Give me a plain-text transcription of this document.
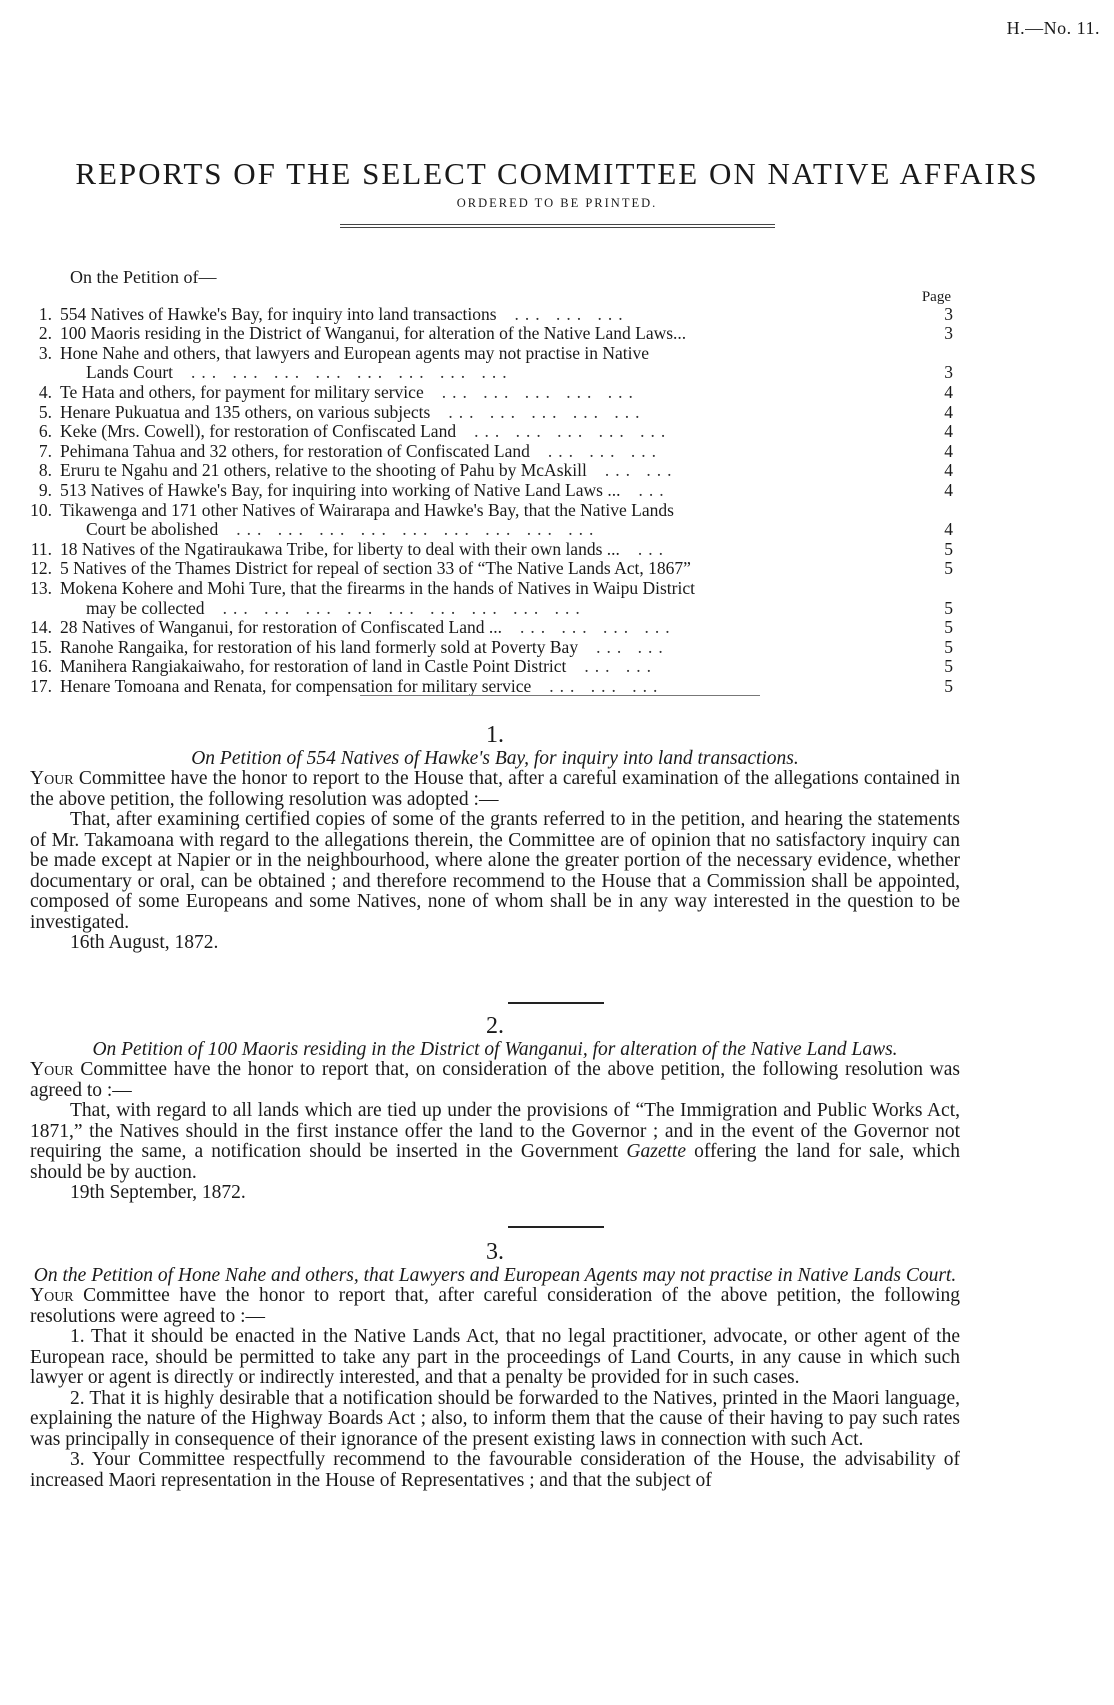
H.—No. 11.
REPORTS OF THE SELECT COMMITTEE ON NATIVE AFFAIRS
ORDERED TO BE PRINTED.
On the Petition of—
Page
1. 554 Natives of Hawke's Bay, for inquiry into land transactions ... ... ...	3
2. 100 Maoris residing in the District of Wanganui, for alteration of the Native Land Laws...	3
3. Hone Nahe and others, that lawyers and European agents may not practise in Native
Lands Court ... ... ... ... ... ... ... ...	3
4. Te Hata and others, for payment for military service ... ... ... ... ...	4
5. Henare Pukuatua and 135 others, on various subjects ... ... ... ... ...	4
6. Keke (Mrs. Cowell), for restoration of Confiscated Land ... ... ... ... ...	4
7. Pehimana Tahua and 32 others, for restoration of Confiscated Land ... ... ...	4
8. Eruru te Ngahu and 21 others, relative to the shooting of Pahu by McAskill ... ...	4
9. 513 Natives of Hawke's Bay, for inquiring into working of Native Land Laws ... ...	4
10. Tikawenga and 171 other Natives of Wairarapa and Hawke's Bay, that the Native Lands
Court be abolished ... ... ... ... ... ... ... ... ...	4
11. 18 Natives of the Ngatiraukawa Tribe, for liberty to deal with their own lands ... ...	5
12. 5 Natives of the Thames District for repeal of section 33 of “The Native Lands Act, 1867”	5
13. Mokena Kohere and Mohi Ture, that the firearms in the hands of Natives in Waipu District
may be collected ... ... ... ... ... ... ... ... ...	5
14. 28 Natives of Wanganui, for restoration of Confiscated Land ... ... ... ... ...	5
15. Ranohe Rangaika, for restoration of his land formerly sold at Poverty Bay ... ...	5
16. Manihera Rangiakaiwaho, for restoration of land in Castle Point District ... ...	5
17. Henare Tomoana and Renata, for compensation for military service ... ... ...	5
1.
On Petition of 554 Natives of Hawke's Bay, for inquiry into land transactions.

Your Committee have the honor to report to the House that, after a careful examination of the allegations contained in the above petition, the following resolution was adopted :—

That, after examining certified copies of some of the grants referred to in the petition, and hearing the statements of Mr. Takamoana with regard to the allegations therein, the Committee are of opinion that no satisfactory inquiry can be made except at Napier or in the neighbourhood, where alone the greater portion of the necessary evidence, whether documentary or oral, can be obtained ; and therefore recommend to the House that a Commission shall be appointed, composed of some Europeans and some Natives, none of whom shall be in any way interested in the question to be investigated.

16th August, 1872.
2.
On Petition of 100 Maoris residing in the District of Wanganui, for alteration of the Native Land Laws.

Your Committee have the honor to report that, on consideration of the above petition, the following resolution was agreed to :—

That, with regard to all lands which are tied up under the provisions of “The Immigration and Public Works Act, 1871,” the Natives should in the first instance offer the land to the Governor ; and in the event of the Governor not requiring the same, a notification should be inserted in the Government Gazette offering the land for sale, which should be by auction.

19th September, 1872.
3.
On the Petition of Hone Nahe and others, that Lawyers and European Agents may not practise in Native Lands Court.

Your Committee have the honor to report that, after careful consideration of the above petition, the following resolutions were agreed to :—

1. That it should be enacted in the Native Lands Act, that no legal practitioner, advocate, or other agent of the European race, should be permitted to take any part in the proceedings of Land Courts, in any cause in which such lawyer or agent is directly or indirectly interested, and that a penalty be provided for in such cases.

2. That it is highly desirable that a notification should be forwarded to the Natives, printed in the Maori language, explaining the nature of the Highway Boards Act ; also, to inform them that the cause of their having to pay such rates was principally in consequence of their ignorance of the present existing laws in connection with such Act.

3. Your Committee respectfully recommend to the favourable consideration of the House, the advisability of increased Maori representation in the House of Representatives ; and that the subject of
